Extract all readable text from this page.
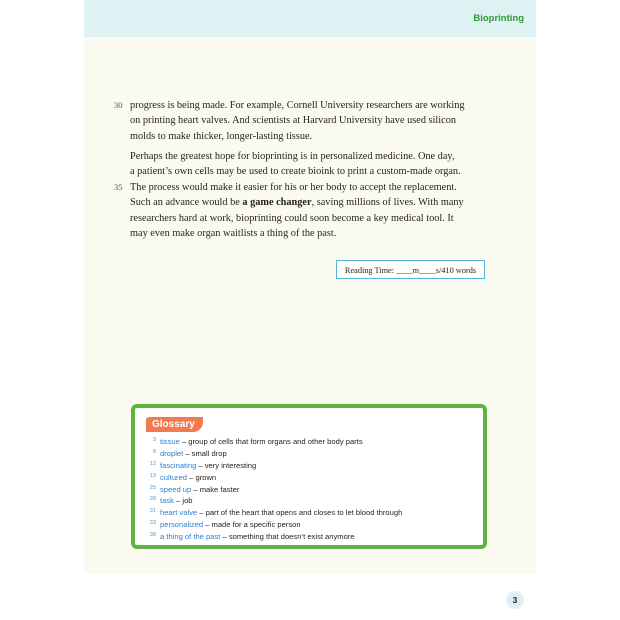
Bioprinting
30 progress is being made. For example, Cornell University researchers are working
on printing heart valves. And scientists at Harvard University have used silicon
molds to make thicker, longer-lasting tissue.
Perhaps the greatest hope for bioprinting is in personalized medicine. One day,
a patient’s own cells may be used to create bioink to print a custom-made organ.
35 The process would make it easier for his or her body to accept the replacement.
Such an advance would be a game changer, saving millions of lives. With many
researchers hard at work, bioprinting could soon become a key medical tool. It
may even make organ waitlists a thing of the past.
Reading Time: ____m____s/410 words
Glossary
3 tissue – group of cells that form organs and other body parts
8 droplet – small drop
12 fascinating – very interesting
13 cultured – grown
25 speed up – make faster
28 task – job
31 heart valve – part of the heart that opens and closes to let blood through
33 personalized – made for a specific person
38 a thing of the past – something that doesn’t exist anymore
3
